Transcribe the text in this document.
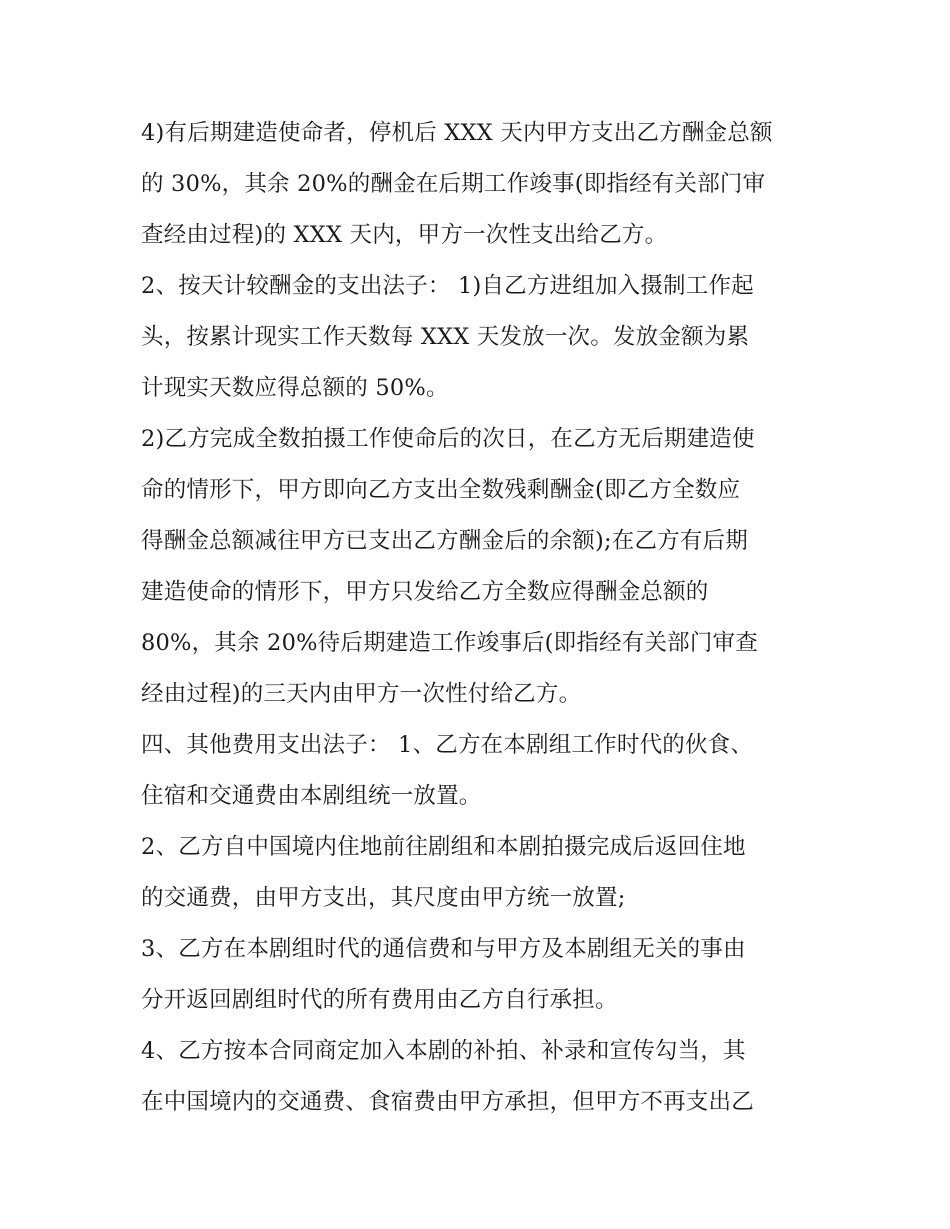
4)有后期建造使命者，停机后 XXX 天内甲方支出乙方酬金总额
的 30%，其余 20%的酬金在后期工作竣事(即指经有关部门审
查经由过程)的 XXX 天内，甲方一次性支出给乙方。
2、按天计较酬金的支出法子： 1)自乙方进组加入摄制工作起
头，按累计现实工作天数每 XXX 天发放一次。发放金额为累
计现实天数应得总额的 50%。
2)乙方完成全数拍摄工作使命后的次日，在乙方无后期建造使
命的情形下，甲方即向乙方支出全数残剩酬金(即乙方全数应
得酬金总额减往甲方已支出乙方酬金后的余额);在乙方有后期
建造使命的情形下，甲方只发给乙方全数应得酬金总额的
80%，其余 20%待后期建造工作竣事后(即指经有关部门审查
经由过程)的三天内由甲方一次性付给乙方。
四、其他费用支出法子： 1、乙方在本剧组工作时代的伙食、
住宿和交通费由本剧组统一放置。
2、乙方自中国境内住地前往剧组和本剧拍摄完成后返回住地
的交通费，由甲方支出，其尺度由甲方统一放置;
3、乙方在本剧组时代的通信费和与甲方及本剧组无关的事由
分开返回剧组时代的所有费用由乙方自行承担。
4、乙方按本合同商定加入本剧的补拍、补录和宣传勾当，其
在中国境内的交通费、食宿费由甲方承担，但甲方不再支出乙
